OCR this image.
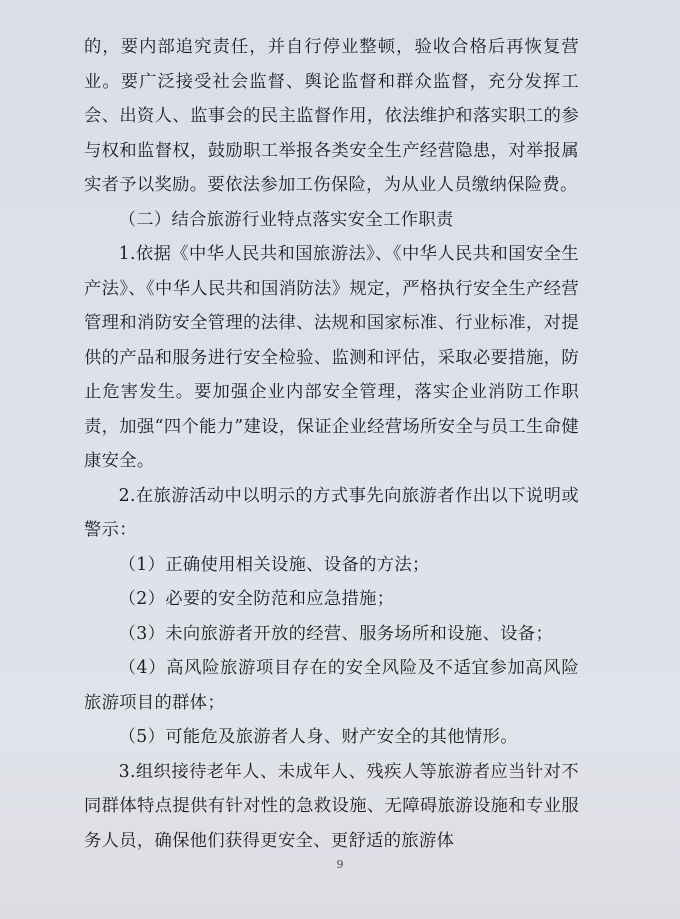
的，要内部追究责任，并自行停业整顿，验收合格后再恢复营业。要广泛接受社会监督、舆论监督和群众监督，充分发挥工会、出资人、监事会的民主监督作用，依法维护和落实职工的参与权和监督权，鼓励职工举报各类安全生产经营隐患，对举报属实者予以奖励。要依法参加工伤保险，为从业人员缴纳保险费。

（二）结合旅游行业特点落实安全工作职责

1.依据《中华人民共和国旅游法》、《中华人民共和国安全生产法》、《中华人民共和国消防法》规定，严格执行安全生产经营管理和消防安全管理的法律、法规和国家标准、行业标准，对提供的产品和服务进行安全检验、监测和评估，采取必要措施，防止危害发生。要加强企业内部安全管理，落实企业消防工作职责，加强“四个能力”建设，保证企业经营场所安全与员工生命健康安全。

2.在旅游活动中以明示的方式事先向旅游者作出以下说明或警示：

（1）正确使用相关设施、设备的方法；

（2）必要的安全防范和应急措施；

（3）未向旅游者开放的经营、服务场所和设施、设备；

（4）高风险旅游项目存在的安全风险及不适宜参加高风险旅游项目的群体；

（5）可能危及旅游者人身、财产安全的其他情形。

3.组织接待老年人、未成年人、残疾人等旅游者应当针对不同群体特点提供有针对性的急救设施、无障碍旅游设施和专业服务人员，确保他们获得更安全、更舒适的旅游体

9
